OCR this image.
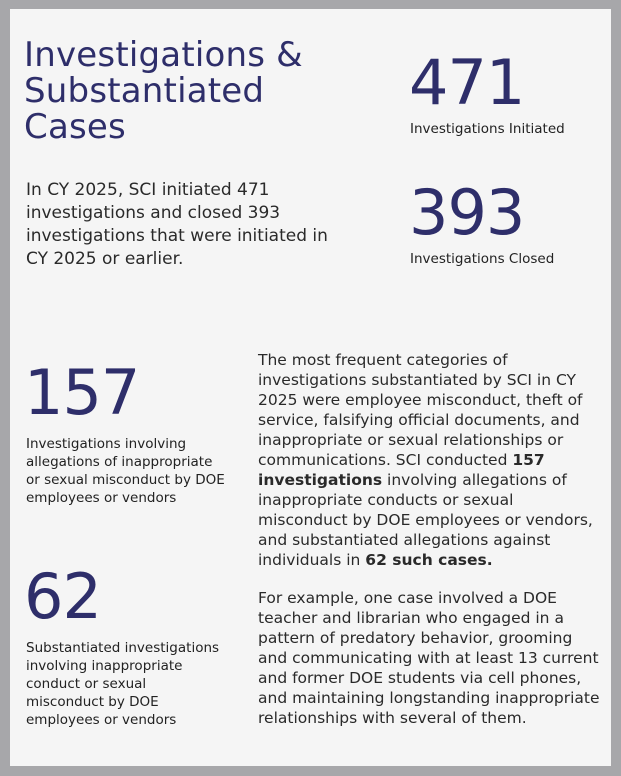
Investigations & Substantiated Cases

In CY 2025, SCI initiated 471 investigations and closed 393 investigations that were initiated in CY 2025 or earlier.

471
Investigations Initiated
393
Investigations Closed
157
Investigations involving allegations of inappropriate or sexual misconduct by DOE employees or vendors
62
Substantiated investigations involving inappropriate conduct or sexual misconduct by DOE employees or vendors

The most frequent categories of investigations substantiated by SCI in CY 2025 were employee misconduct, theft of service, falsifying official documents, and inappropriate or sexual relationships or communications. SCI conducted 157 investigations involving allegations of inappropriate conducts or sexual misconduct by DOE employees or vendors, and substantiated allegations against individuals in 62 such cases.

For example, one case involved a DOE teacher and librarian who engaged in a pattern of predatory behavior, grooming and communicating with at least 13 current and former DOE students via cell phones, and maintaining longstanding inappropriate relationships with several of them.
